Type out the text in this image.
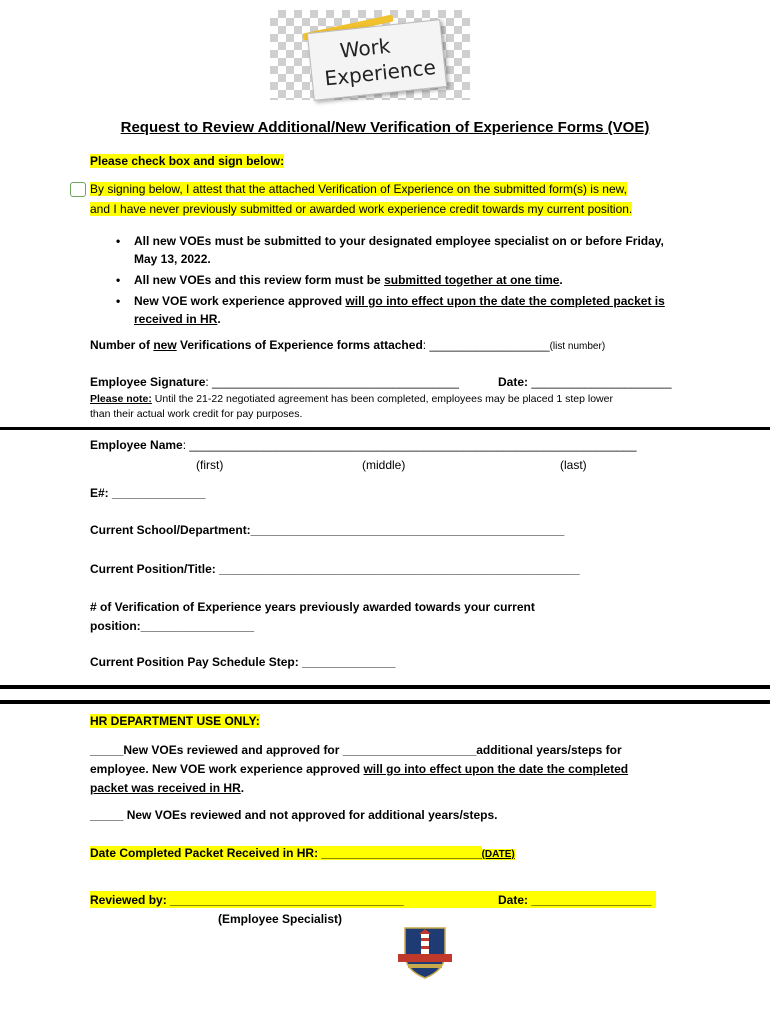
Work
Experience
Request to Review Additional/New Verification of Experience Forms (VOE)
Please check box and sign below:
By signing below, I attest that the attached Verification of Experience on the submitted form(s) is new,
and I have never previously submitted or awarded work experience credit towards my current position.
• All new VOEs must be submitted to your designated employee specialist on or before Friday, May 13, 2022.
• All new VOEs and this review form must be submitted together at one time.
• New VOE work experience approved will go into effect upon the date the completed packet is received in HR.
Number of new Verifications of Experience forms attached: __________________(list number)
Employee Signature: _____________________________________	Date: _____________________
Please note: Until the 21-22 negotiated agreement has been completed, employees may be placed 1 step lower
than their actual work credit for pay purposes.
Employee Name: ___________________________________________________________________
(first)	(middle)	(last)
E#: ______________
Current School/Department:_______________________________________________
Current Position/Title: ______________________________________________________
# of Verification of Experience years previously awarded towards your current
position:_________________
Current Position Pay Schedule Step: ______________
HR DEPARTMENT USE ONLY:
_____New VOEs reviewed and approved for ____________________additional years/steps for
employee. New VOE work experience approved will go into effect upon the date the completed
packet was received in HR.
_____ New VOEs reviewed and not approved for additional years/steps.
Date Completed Packet Received in HR: ________________________(DATE)
Reviewed by: ___________________________________	Date: __________________
(Employee Specialist)
